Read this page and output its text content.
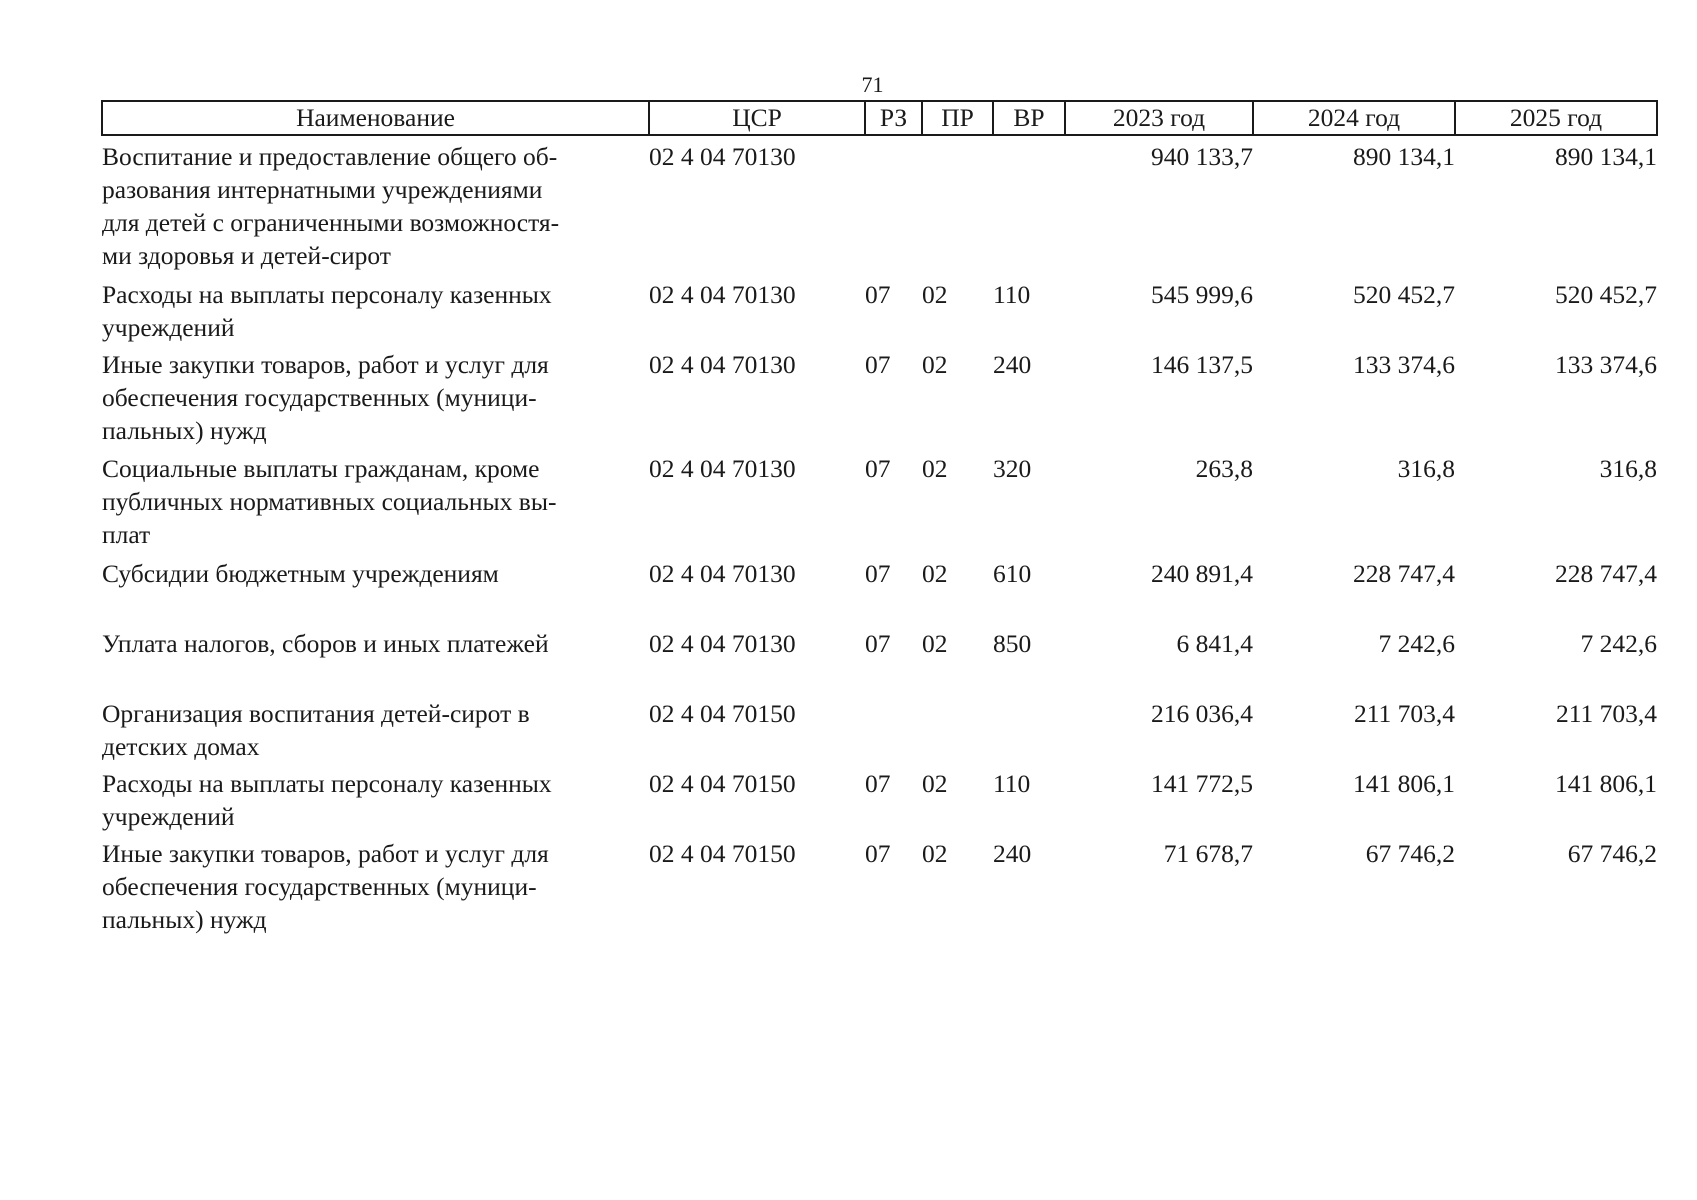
71
Наименование	ЦСР	РЗ	ПР	ВР	2023 год	2024 год	2025 год

Воспитание и предоставление общего об-
разования интернатными учреждениями
для детей с ограниченными возможностя-
ми здоровья и детей-сирот	02 4 04 70130				940 133,7	890 134,1	890 134,1

Расходы на выплаты персоналу казенных
учреждений	02 4 04 70130	07	02	110	545 999,6	520 452,7	520 452,7

Иные закупки товаров, работ и услуг для
обеспечения государственных (муници-
пальных) нужд	02 4 04 70130	07	02	240	146 137,5	133 374,6	133 374,6

Социальные выплаты гражданам, кроме
публичных нормативных социальных вы-
плат	02 4 04 70130	07	02	320	263,8	316,8	316,8

Субсидии бюджетным учреждениям	02 4 04 70130	07	02	610	240 891,4	228 747,4	228 747,4

Уплата налогов, сборов и иных платежей	02 4 04 70130	07	02	850	6 841,4	7 242,6	7 242,6

Организация воспитания детей-сирот в
детских домах	02 4 04 70150				216 036,4	211 703,4	211 703,4

Расходы на выплаты персоналу казенных
учреждений	02 4 04 70150	07	02	110	141 772,5	141 806,1	141 806,1

Иные закупки товаров, работ и услуг для
обеспечения государственных (муници-
пальных) нужд	02 4 04 70150	07	02	240	71 678,7	67 746,2	67 746,2
